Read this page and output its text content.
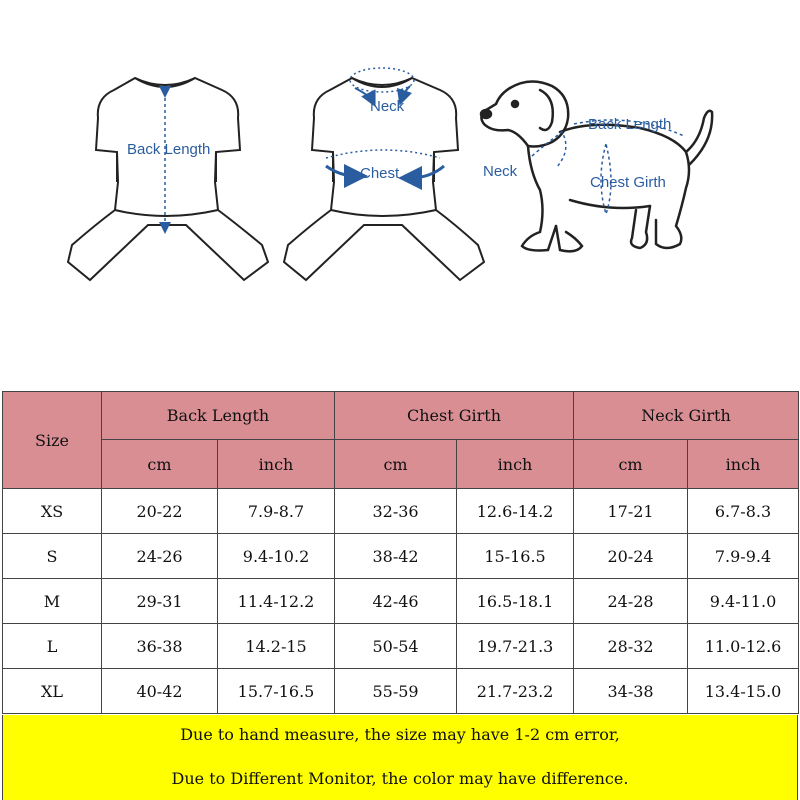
Back Length
Neck
Chest
Back Length
Neck
Chest Girth
Size	Back Length		Chest Girth		Neck Girth	
	cm	inch	cm	inch	cm	inch
XS	20-22	7.9-8.7	32-36	12.6-14.2	17-21	6.7-8.3
S	24-26	9.4-10.2	38-42	15-16.5	20-24	7.9-9.4
M	29-31	11.4-12.2	42-46	16.5-18.1	24-28	9.4-11.0
L	36-38	14.2-15	50-54	19.7-21.3	28-32	11.0-12.6
XL	40-42	15.7-16.5	55-59	21.7-23.2	34-38	13.4-15.0
Due to hand measure, the size may have 1-2 cm error,
Due to Different Monitor, the color may have difference.
